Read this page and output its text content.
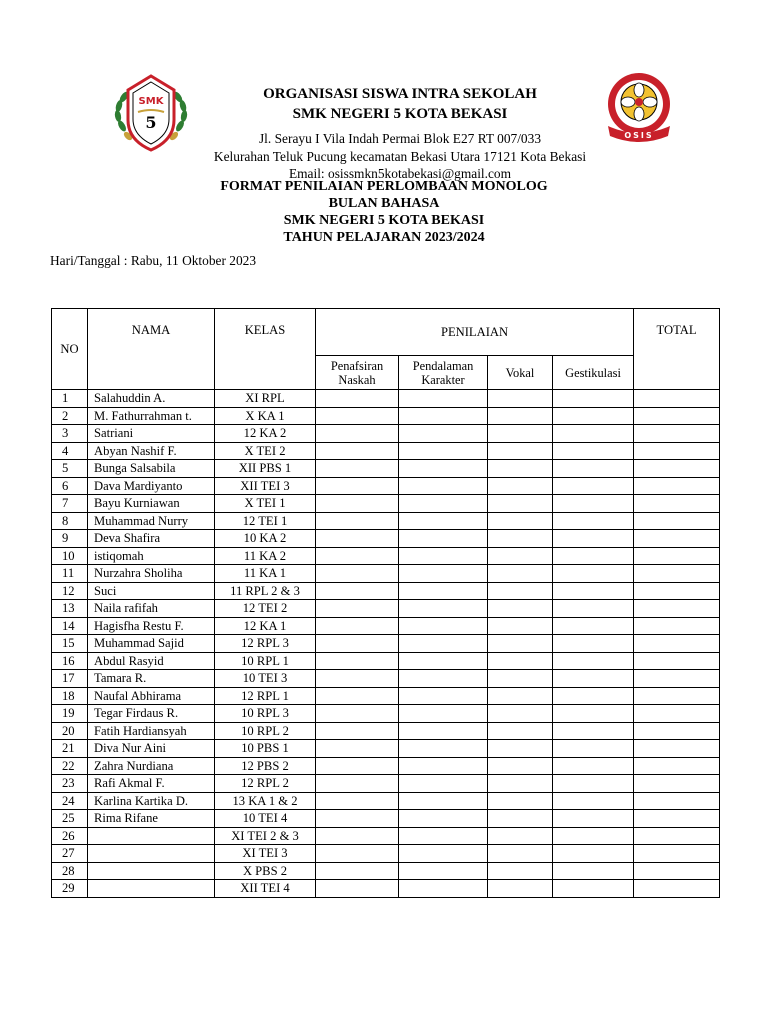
SMK
5
OSIS
ORGANISASI SISWA INTRA SEKOLAH
SMK NEGERI 5 KOTA BEKASI
Jl. Serayu I Vila Indah Permai Blok E27 RT 007/033
Kelurahan Teluk Pucung kecamatan Bekasi Utara 17121 Kota Bekasi
Email: osissmkn5kotabekasi@gmail.com
FORMAT PENILAIAN PERLOMBAAN MONOLOG
BULAN BAHASA
SMK NEGERI 5 KOTA BEKASI
TAHUN PELAJARAN 2023/2024
Hari/Tanggal : Rabu, 11 Oktober 2023
NO	NAMA	KELAS	PENILAIAN				TOTAL
			Penafsiran Naskah	Pendalaman Karakter	Vokal	Gestikulasi	
1	Salahuddin A.	XI RPL					
2	M. Fathurrahman t.	X KA 1					
3	Satriani	12 KA 2					
4	Abyan Nashif F.	X TEI 2					
5	Bunga Salsabila	XII PBS 1					
6	Dava Mardiyanto	XII TEI 3					
7	Bayu Kurniawan	X TEI 1					
8	Muhammad Nurry	12 TEI 1					
9	Deva Shafira	10 KA 2					
10	istiqomah	11 KA 2					
11	Nurzahra Sholiha	11 KA 1					
12	Suci	11 RPL 2 & 3					
13	Naila rafifah	12 TEI 2					
14	Hagisfha Restu F.	12 KA 1					
15	Muhammad Sajid	12 RPL 3					
16	Abdul Rasyid	10 RPL 1					
17	Tamara R.	10 TEI 3					
18	Naufal Abhirama	12 RPL 1					
19	Tegar Firdaus R.	10 RPL 3					
20	Fatih Hardiansyah	10 RPL 2					
21	Diva Nur Aini	10 PBS 1					
22	Zahra Nurdiana	12 PBS 2					
23	Rafi Akmal F.	12 RPL 2					
24	Karlina Kartika D.	13 KA 1 & 2					
25	Rima Rifane	10 TEI 4					
26		XI TEI 2 & 3					
27		XI TEI 3					
28		X PBS 2					
29		XII TEI 4					
